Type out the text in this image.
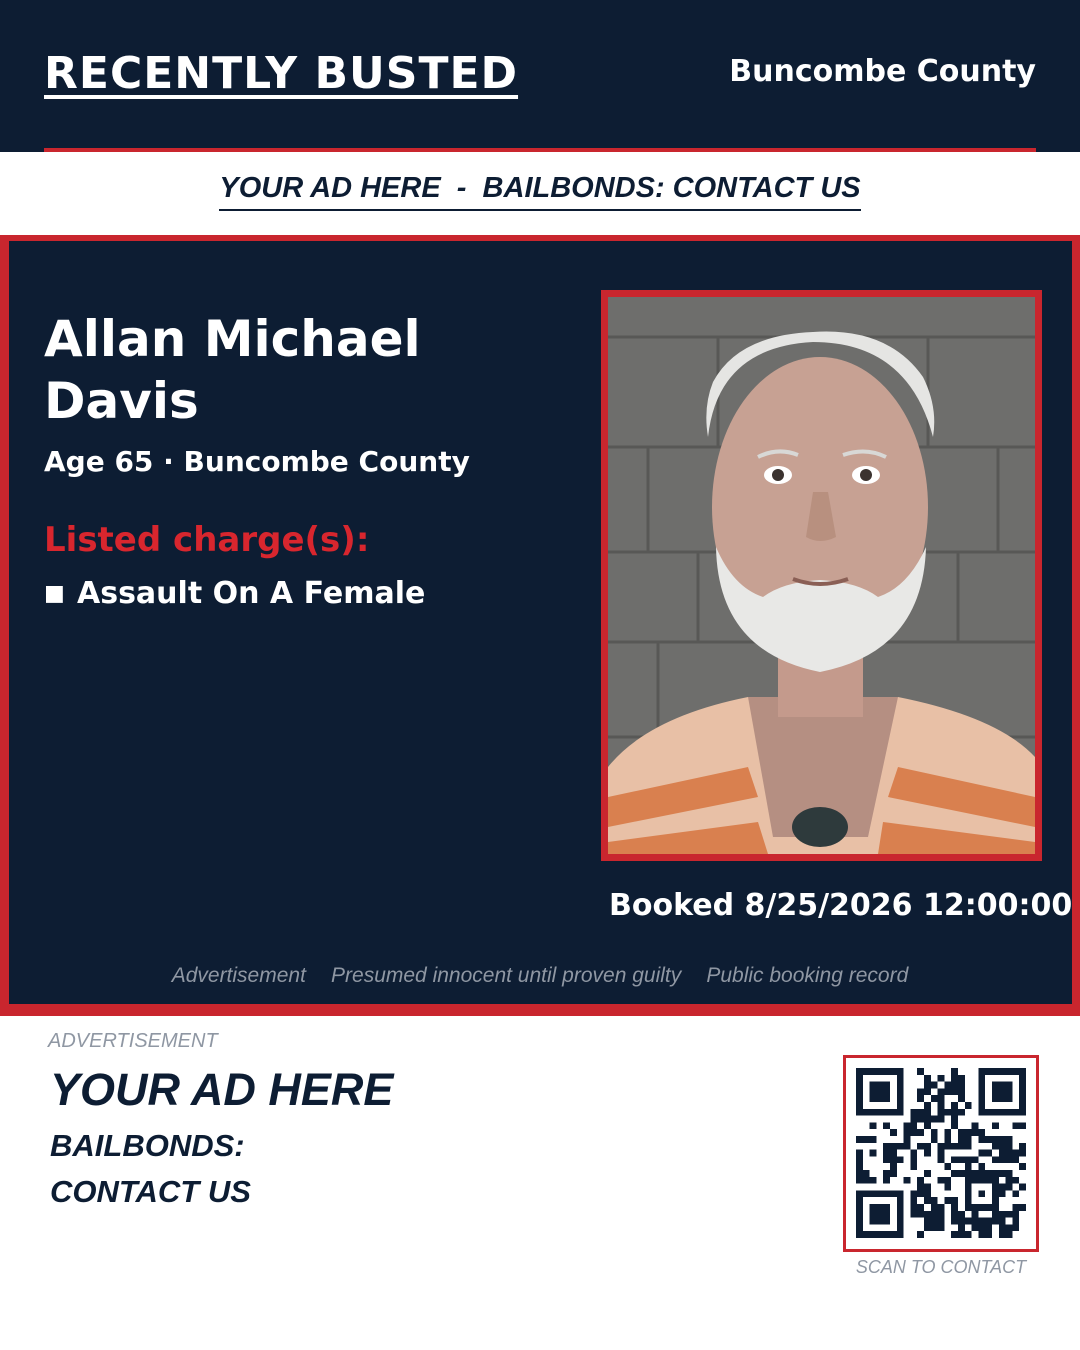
RECENTLY BUSTED	Buncombe County
YOUR AD HERE  -  BAILBONDS: CONTACT US
Allan Michael Davis
Age 65 · Buncombe County
Listed charge(s):
■ Assault On A Female
Booked 8/25/2026 12:00:00
Advertisement Presumed innocent until proven guilty Public booking record
ADVERTISEMENT
YOUR AD HERE
BAILBONDS:
CONTACT US
SCAN TO CONTACT
